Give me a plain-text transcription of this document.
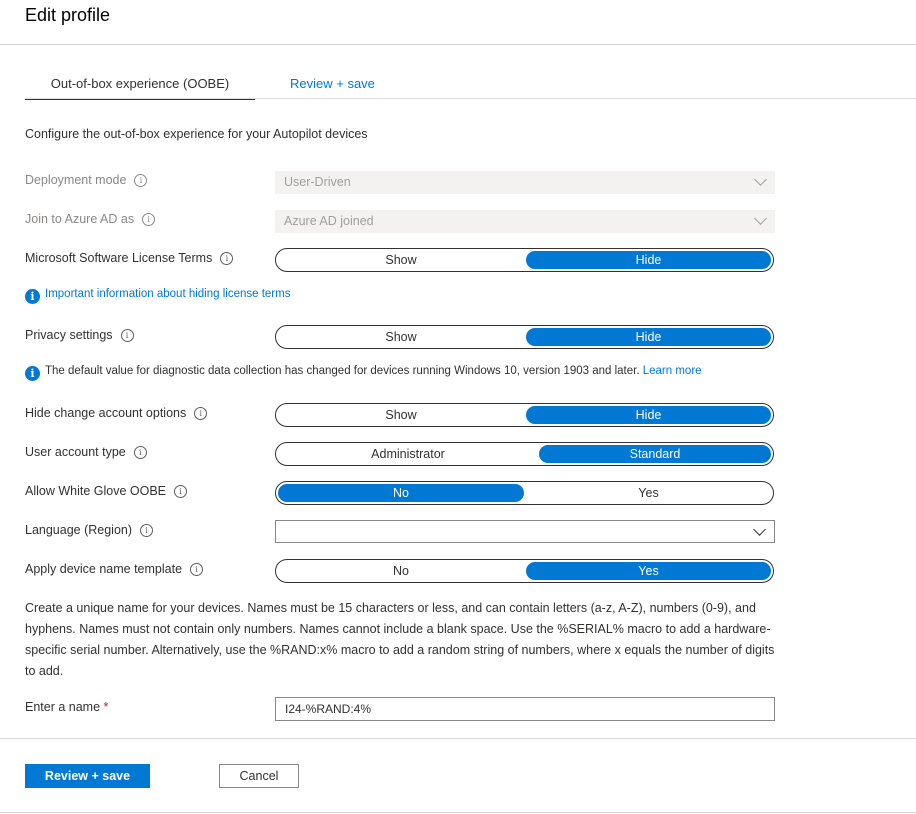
Edit profile
Out-of-box experience (OOBE)	Review + save
Configure the out-of-box experience for your Autopilot devices
Deployment mode i	User-Driven
Join to Azure AD as i	Azure AD joined
Microsoft Software License Terms i	Show	Hide
i Important information about hiding license terms
Privacy settings i	Show	Hide
i The default value for diagnostic data collection has changed for devices running Windows 10, version 1903 and later. Learn more
Hide change account options i	Show	Hide
User account type i	Administrator	Standard
Allow White Glove OOBE i	No	Yes
Language (Region) i
Apply device name template i	No	Yes
Create a unique name for your devices. Names must be 15 characters or less, and can contain letters (a-z, A-Z), numbers (0-9), and hyphens. Names must not contain only numbers. Names cannot include a blank space. Use the %SERIAL% macro to add a hardware-specific serial number. Alternatively, use the %RAND:x% macro to add a random string of numbers, where x equals the number of digits to add.
Enter a name *	I24-%RAND:4%
Review + save	Cancel
